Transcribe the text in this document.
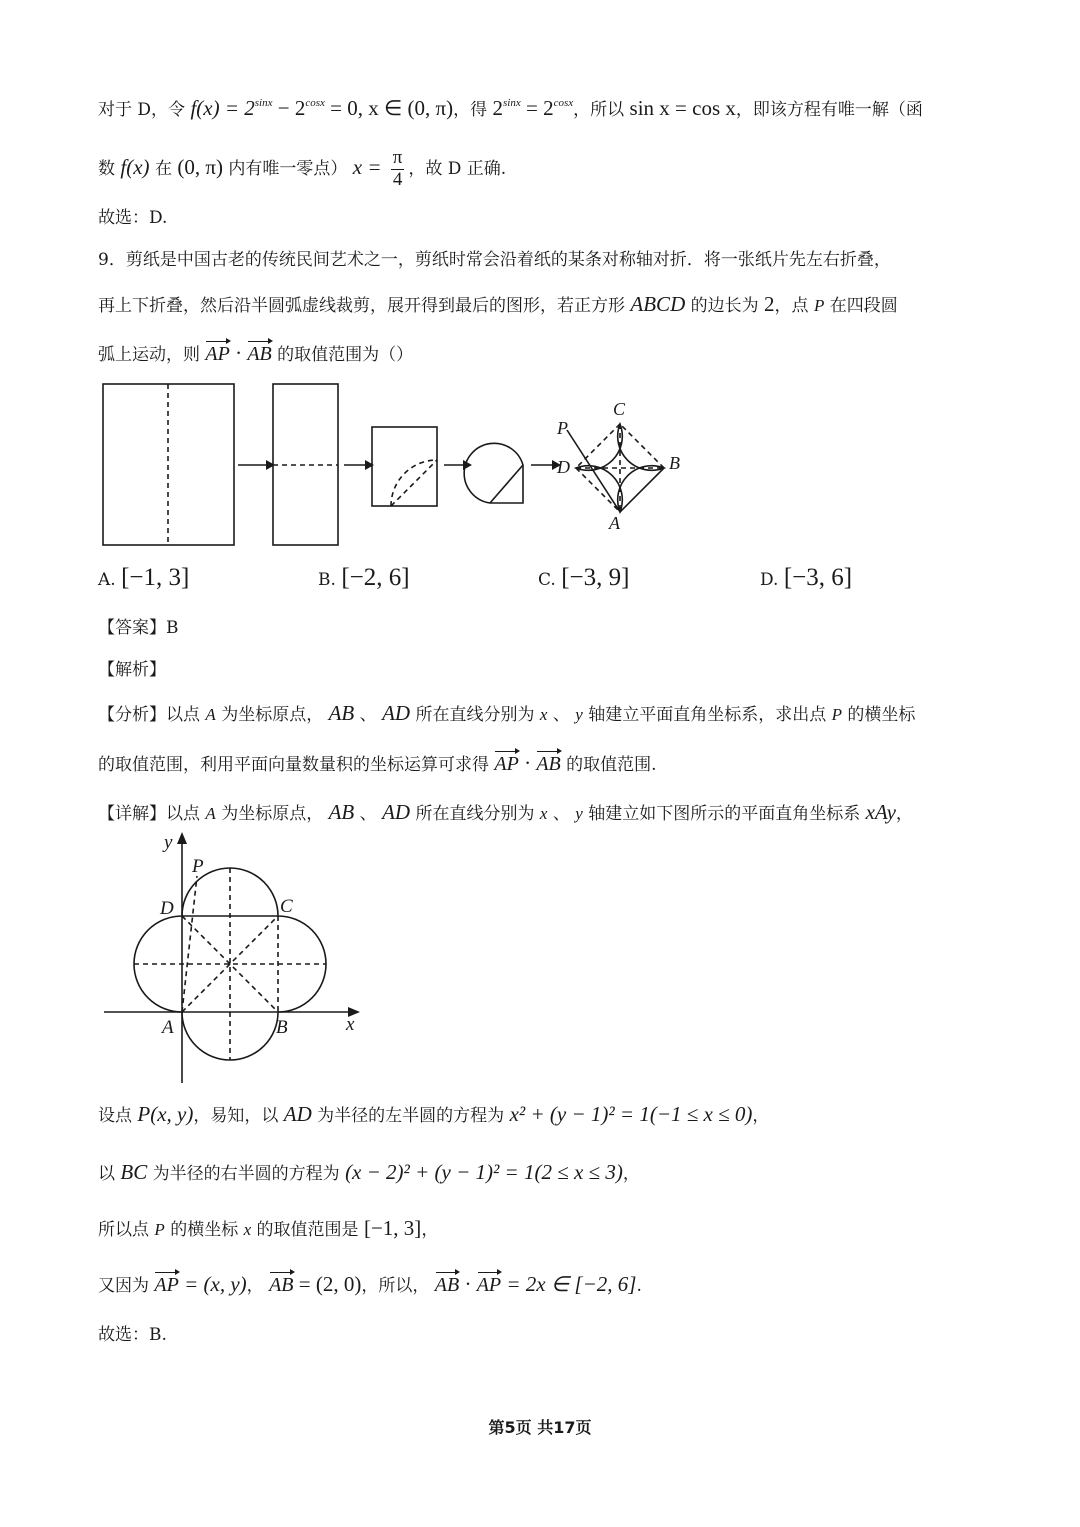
对于 D，令 $f(x) = 2^{sinx} - 2^{cosx} = 0$, x ∈ (0, π)，得 $2^{sinx} = 2^{cosx}$，所以 sin x = cos x，即该方程有唯一解（函
数 f(x) 在 (0, π) 内有唯一零点） $x = \frac{\pi}{4}$ ，故 D 正确.
故选：D.
9．剪纸是中国古老的传统民间艺术之一，剪纸时常会沿着纸的某条对称轴对折．将一张纸片先左右折叠，
再上下折叠，然后沿半圆弧虚线裁剪，展开得到最后的图形，若正方形 ABCD 的边长为 2，点 P 在四段圆
弧上运动，则 AP · AB 的取值范围为（）
C
P
D	B
A
A. [−1, 3]	B. [−2, 6]	C. [−3, 9]	D. [−3, 6]
【答案】B
【解析】
【分析】以点 A 为坐标原点， AB 、 AD 所在直线分别为 x 、 y 轴建立平面直角坐标系，求出点 P 的横坐标
的取值范围，利用平面向量数量积的坐标运算可求得 AP · AB 的取值范围.
【详解】以点 A 为坐标原点， AB 、 AD 所在直线分别为 x 、 y 轴建立如下图所示的平面直角坐标系 xAy，
y
P
D	C
A	B	x
设点 P(x, y)，易知，以 AD 为半径的左半圆的方程为 x² + (y − 1)² = 1(−1 ≤ x ≤ 0)，
以 BC 为半径的右半圆的方程为 (x − 2)² + (y − 1)² = 1(2 ≤ x ≤ 3)，
所以点 P 的横坐标 x 的取值范围是 [−1, 3]，
又因为 AP = (x, y)， AB = (2, 0)，所以， AB · AP = 2x ∈ [−2, 6].
故选：B.
第5页 共17页
